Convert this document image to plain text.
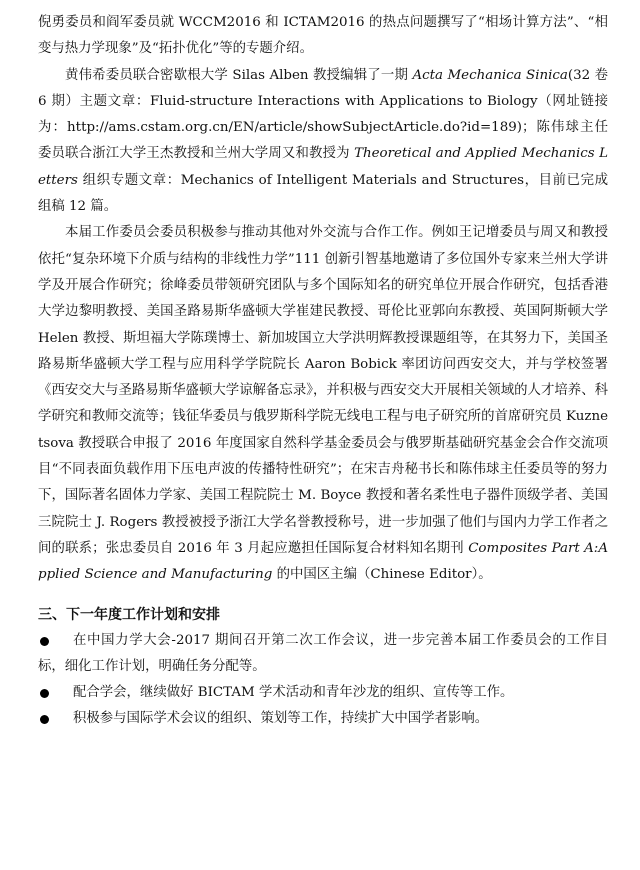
倪勇委员和阎军委员就 WCCM2016 和 ICTAM2016 的热点问题撰写了“相场计算方法”、“相变与热力学现象”及“拓扑优化”等的专题介绍。

黄伟希委员联合密歇根大学 Silas Alben 教授编辑了一期 Acta Mechanica Sinica(32 卷 6 期）主题文章：Fluid-structure Interactions with Applications to Biology（网址链接为：http://ams.cstam.org.cn/EN/article/showSubjectArticle.do?id=189)；陈伟球主任委员联合浙江大学王杰教授和兰州大学周又和教授为 Theoretical and Applied Mechanics Letters 组织专题文章：Mechanics of Intelligent Materials and Structures，目前已完成组稿 12 篇。

本届工作委员会委员积极参与推动其他对外交流与合作工作。例如王记增委员与周又和教授依托“复杂环境下介质与结构的非线性力学”111 创新引智基地邀请了多位国外专家来兰州大学讲学及开展合作研究；徐峰委员带领研究团队与多个国际知名的研究单位开展合作研究，包括香港大学边黎明教授、美国圣路易斯华盛顿大学崔建民教授、哥伦比亚郭向东教授、英国阿斯顿大学 Helen 教授、斯坦福大学陈璞博士、新加坡国立大学洪明辉教授课题组等，在其努力下，美国圣路易斯华盛顿大学工程与应用科学学院院长 Aaron Bobick 率团访问西安交大，并与学校签署《西安交大与圣路易斯华盛顿大学谅解备忘录》，并积极与西安交大开展相关领域的人才培养、科学研究和教师交流等；钱征华委员与俄罗斯科学院无线电工程与电子研究所的首席研究员 Kuznetsova 教授联合申报了 2016 年度国家自然科学基金委员会与俄罗斯基础研究基金会合作交流项目“不同表面负载作用下压电声波的传播特性研究”；在宋吉舟秘书长和陈伟球主任委员等的努力下，国际著名固体力学家、美国工程院院士 M. Boyce 教授和著名柔性电子器件顶级学者、美国三院院士 J. Rogers 教授被授予浙江大学名誉教授称号，进一步加强了他们与国内力学工作者之间的联系；张忠委员自 2016 年 3 月起应邀担任国际复合材料知名期刊 Composites Part A:Applied Science and Manufacturing 的中国区主编（Chinese Editor）。

三、下一年度工作计划和安排
在中国力学大会-2017 期间召开第二次工作会议，进一步完善本届工作委员会的工作目标，细化工作计划，明确任务分配等。
配合学会，继续做好 BICTAM 学术活动和青年沙龙的组织、宣传等工作。
积极参与国际学术会议的组织、策划等工作，持续扩大中国学者影响。
